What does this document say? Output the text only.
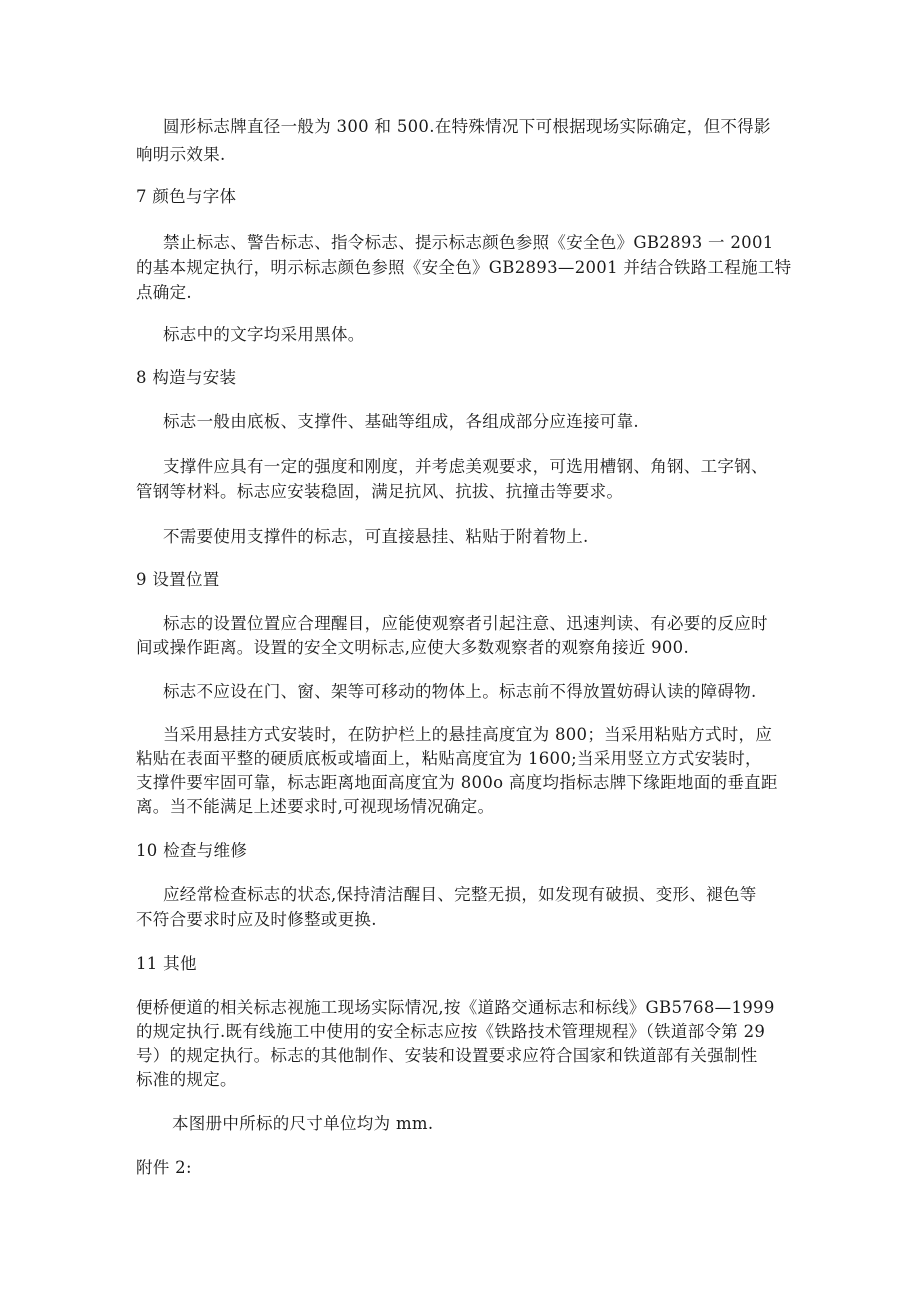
圆形标志牌直径一般为 300 和 500.在特殊情况下可根据现场实际确定，但不得影
响明示效果.
7 颜色与字体
禁止标志、警告标志、指令标志、提示标志颜色参照《安全色》GB2893 一 2001
的基本规定执行，明示标志颜色参照《安全色》GB2893—2001 并结合铁路工程施工特
点确定.
标志中的文字均采用黑体。
8 构造与安装
标志一般由底板、支撑件、基础等组成，各组成部分应连接可靠.
支撑件应具有一定的强度和刚度，并考虑美观要求，可选用槽钢、角钢、工字钢、
管钢等材料。标志应安装稳固，满足抗风、抗拔、抗撞击等要求。
不需要使用支撑件的标志，可直接悬挂、粘贴于附着物上.
9 设置位置
标志的设置位置应合理醒目，应能使观察者引起注意、迅速判读、有必要的反应时
间或操作距离。设置的安全文明标志,应使大多数观察者的观察角接近 900.
标志不应设在门、窗、架等可移动的物体上。标志前不得放置妨碍认读的障碍物.
当采用悬挂方式安装时，在防护栏上的悬挂高度宜为 800；当采用粘贴方式时，应
粘贴在表面平整的硬质底板或墙面上，粘贴高度宜为 1600;当采用竖立方式安装时，
支撑件要牢固可靠，标志距离地面高度宜为 800o 高度均指标志牌下缘距地面的垂直距
离。当不能满足上述要求时,可视现场情况确定。
10 检查与维修
应经常检查标志的状态,保持清洁醒目、完整无损，如发现有破损、变形、褪色等
不符合要求时应及时修整或更换.
11 其他
便桥便道的相关标志视施工现场实际情况,按《道路交通标志和标线》GB5768—1999
的规定执行.既有线施工中使用的安全标志应按《铁路技术管理规程》（铁道部令第 29
号）的规定执行。标志的其他制作、安装和设置要求应符合国家和铁道部有关强制性
标准的规定。
本图册中所标的尺寸单位均为 mm.
附件 2:
